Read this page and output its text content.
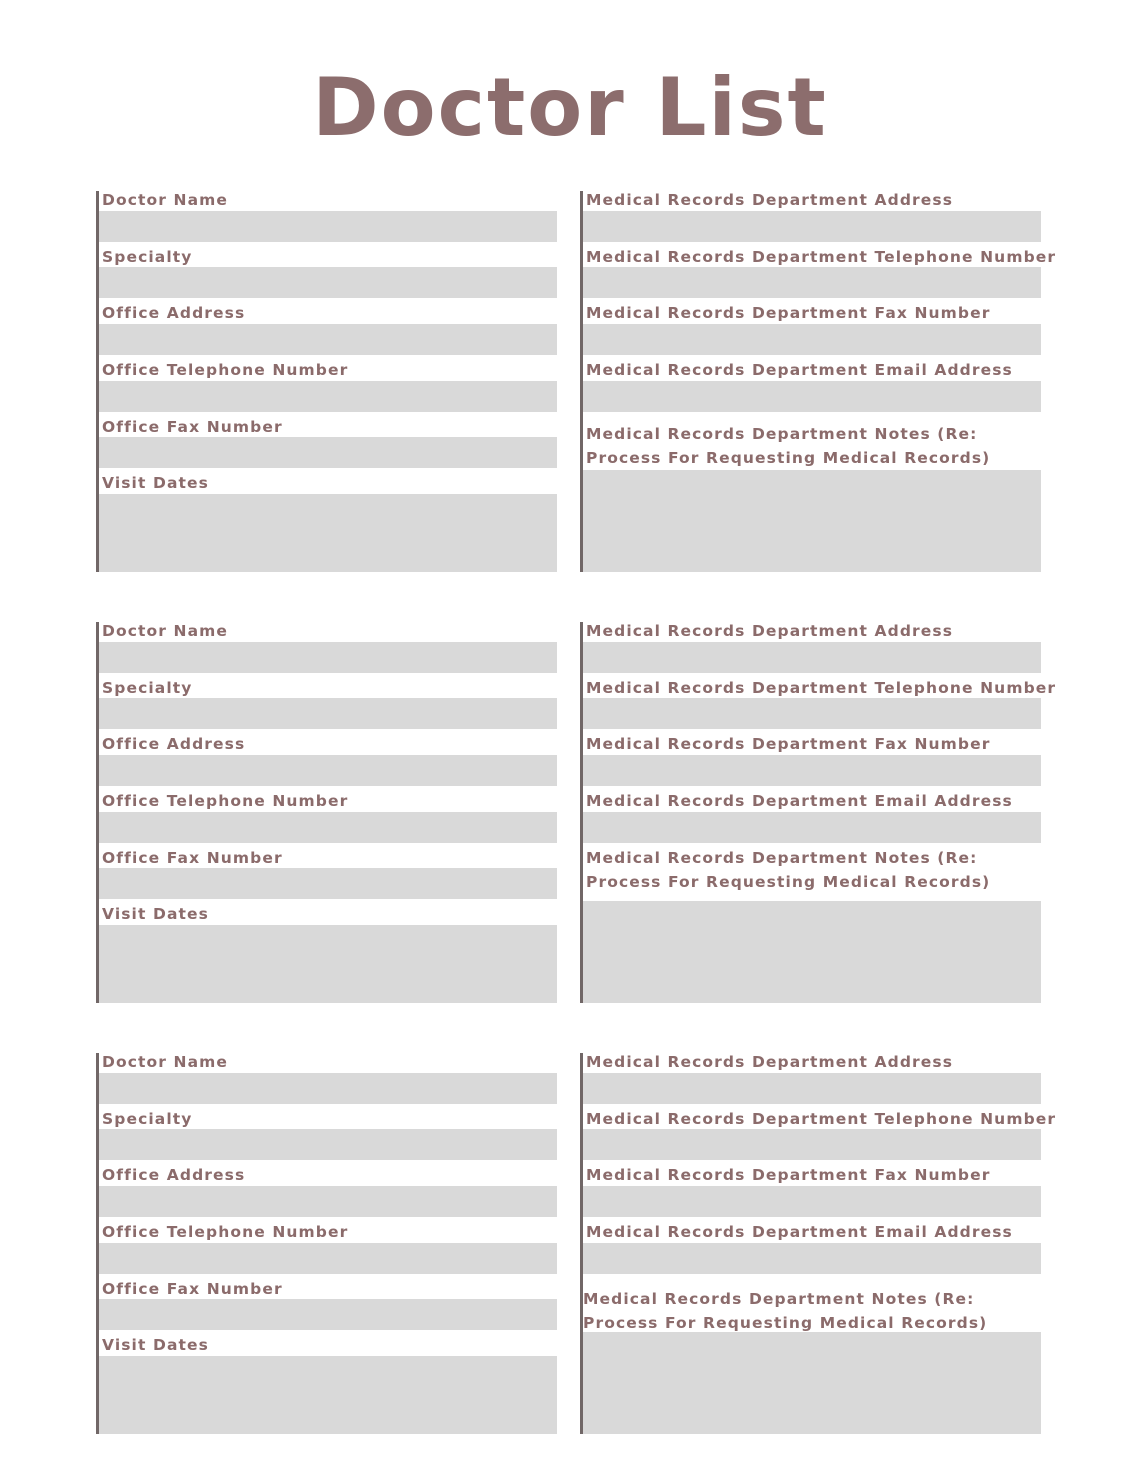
Doctor List
Doctor Name
Specialty
Office Address
Office Telephone Number
Office Fax Number
Visit Dates
Medical Records Department Address
Medical Records Department Telephone Number
Medical Records Department Fax Number
Medical Records Department Email Address
Medical Records Department Notes (Re: Process For Requesting Medical Records)
Doctor Name
Specialty
Office Address
Office Telephone Number
Office Fax Number
Visit Dates
Medical Records Department Address
Medical Records Department Telephone Number
Medical Records Department Fax Number
Medical Records Department Email Address
Medical Records Department Notes (Re: Process For Requesting Medical Records)
Doctor Name
Specialty
Office Address
Office Telephone Number
Office Fax Number
Visit Dates
Medical Records Department Address
Medical Records Department Telephone Number
Medical Records Department Fax Number
Medical Records Department Email Address
Medical Records Department Notes (Re: Process For Requesting Medical Records)
